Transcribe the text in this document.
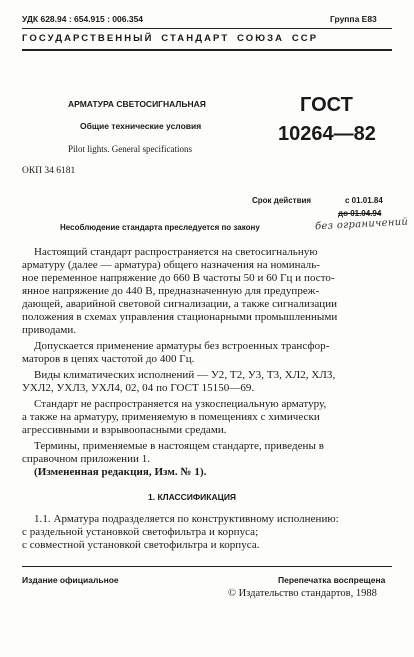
УДК 628.94 : 654.915 : 006.354	Группа Е83
ГОСУДАРСТВЕННЫЙ СТАНДАРТ СОЮЗА ССР
АРМАТУРА СВЕТОСИГНАЛЬНАЯ
Общие технические условия
Pilot lights. General specifications
ГОСТ
10264—82
ОКП 34 6181
Срок действия	с 01.01.84
до 01.04.94
Несоблюдение стандарта преследуется по закону	без ограничений
Настоящий стандарт распространяется на светосигнальную
арматуру (далее — арматура) общего назначения на номиналь-
ное переменное напряжение до 660 В частоты 50 и 60 Гц и посто-
янное напряжение до 440 В, предназначенную для предупреж-
дающей, аварийной световой сигнализации, а также сигнализации
положения в схемах управления стационарными промышленными
приводами.
Допускается применение арматуры без встроенных трансфор-
маторов в цепях частотой до 400 Гц.
Виды климатических исполнений — У2, Т2, У3, Т3, ХЛ2, ХЛ3,
УХЛ2, УХЛ3, УХЛ4, 02, 04 по ГОСТ 15150—69.
Стандарт не распространяется на узкоспециальную арматуру,
а также на арматуру, применяемую в помещениях с химически
агрессивными и взрывоопасными средами.
Термины, применяемые в настоящем стандарте, приведены в
справочном приложении 1.
(Измененная редакция, Изм. № 1).
1. КЛАССИФИКАЦИЯ
1.1. Арматура подразделяется по конструктивному исполнению:
с раздельной установкой светофильтра и корпуса;
с совместной установкой светофильтра и корпуса.
Издание официальное	Перепечатка воспрещена
© Издательство стандартов, 1988
